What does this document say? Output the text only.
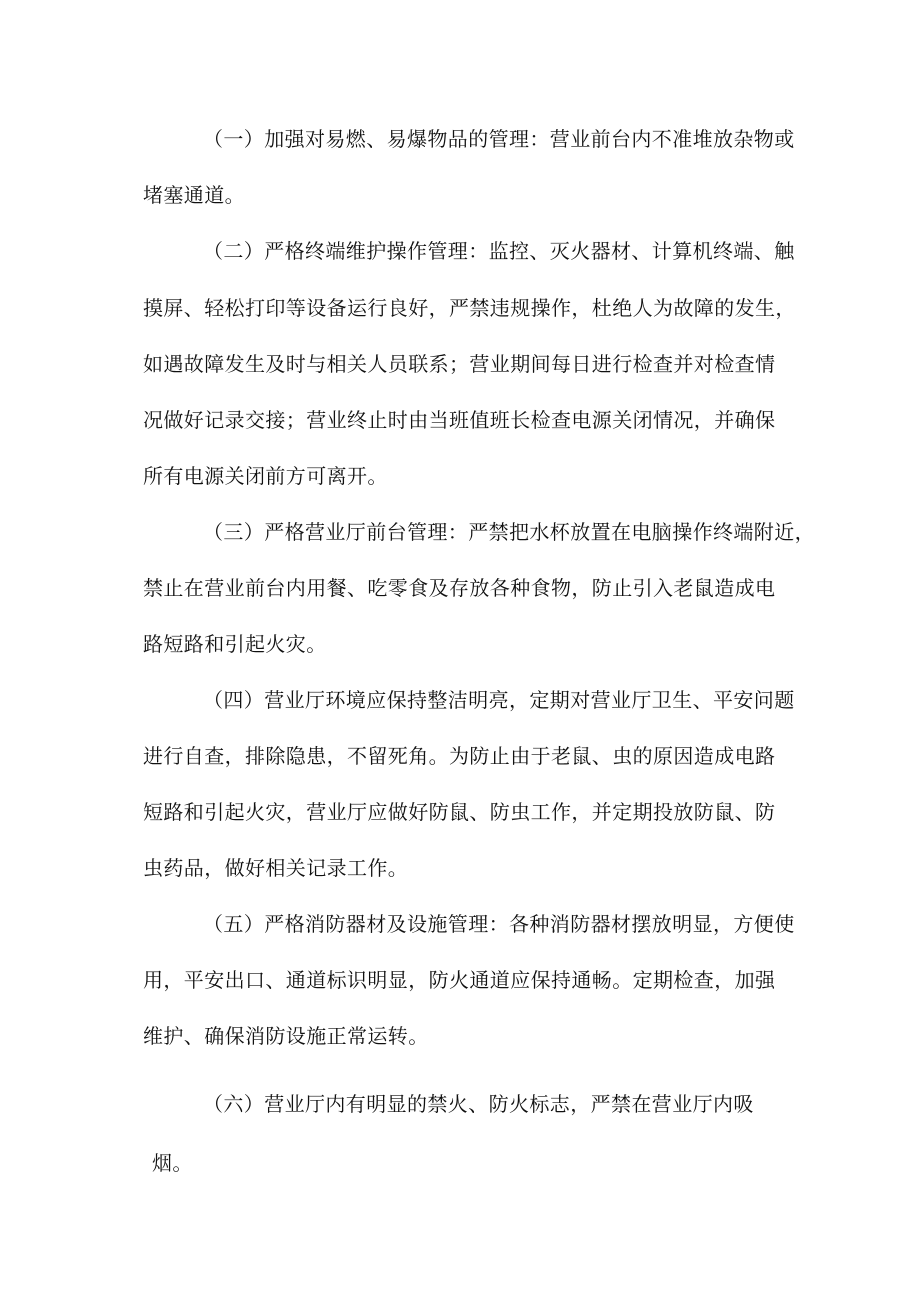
（一）加强对易燃、易爆物品的管理：营业前台内不准堆放杂物或
堵塞通道。
（二）严格终端维护操作管理：监控、灭火器材、计算机终端、触
摸屏、轻松打印等设备运行良好，严禁违规操作，杜绝人为故障的发生，
如遇故障发生及时与相关人员联系；营业期间每日进行检查并对检查情
况做好记录交接；营业终止时由当班值班长检查电源关闭情况，并确保
所有电源关闭前方可离开。
（三）严格营业厅前台管理：严禁把水杯放置在电脑操作终端附近，
禁止在营业前台内用餐、吃零食及存放各种食物，防止引入老鼠造成电
路短路和引起火灾。
（四）营业厅环境应保持整洁明亮，定期对营业厅卫生、平安问题
进行自查，排除隐患，不留死角。为防止由于老鼠、虫的原因造成电路
短路和引起火灾，营业厅应做好防鼠、防虫工作，并定期投放防鼠、防
虫药品，做好相关记录工作。
（五）严格消防器材及设施管理：各种消防器材摆放明显，方便使
用，平安出口、通道标识明显，防火通道应保持通畅。定期检查，加强
维护、确保消防设施正常运转。
（六）营业厅内有明显的禁火、防火标志，严禁在营业厅内吸
烟。
